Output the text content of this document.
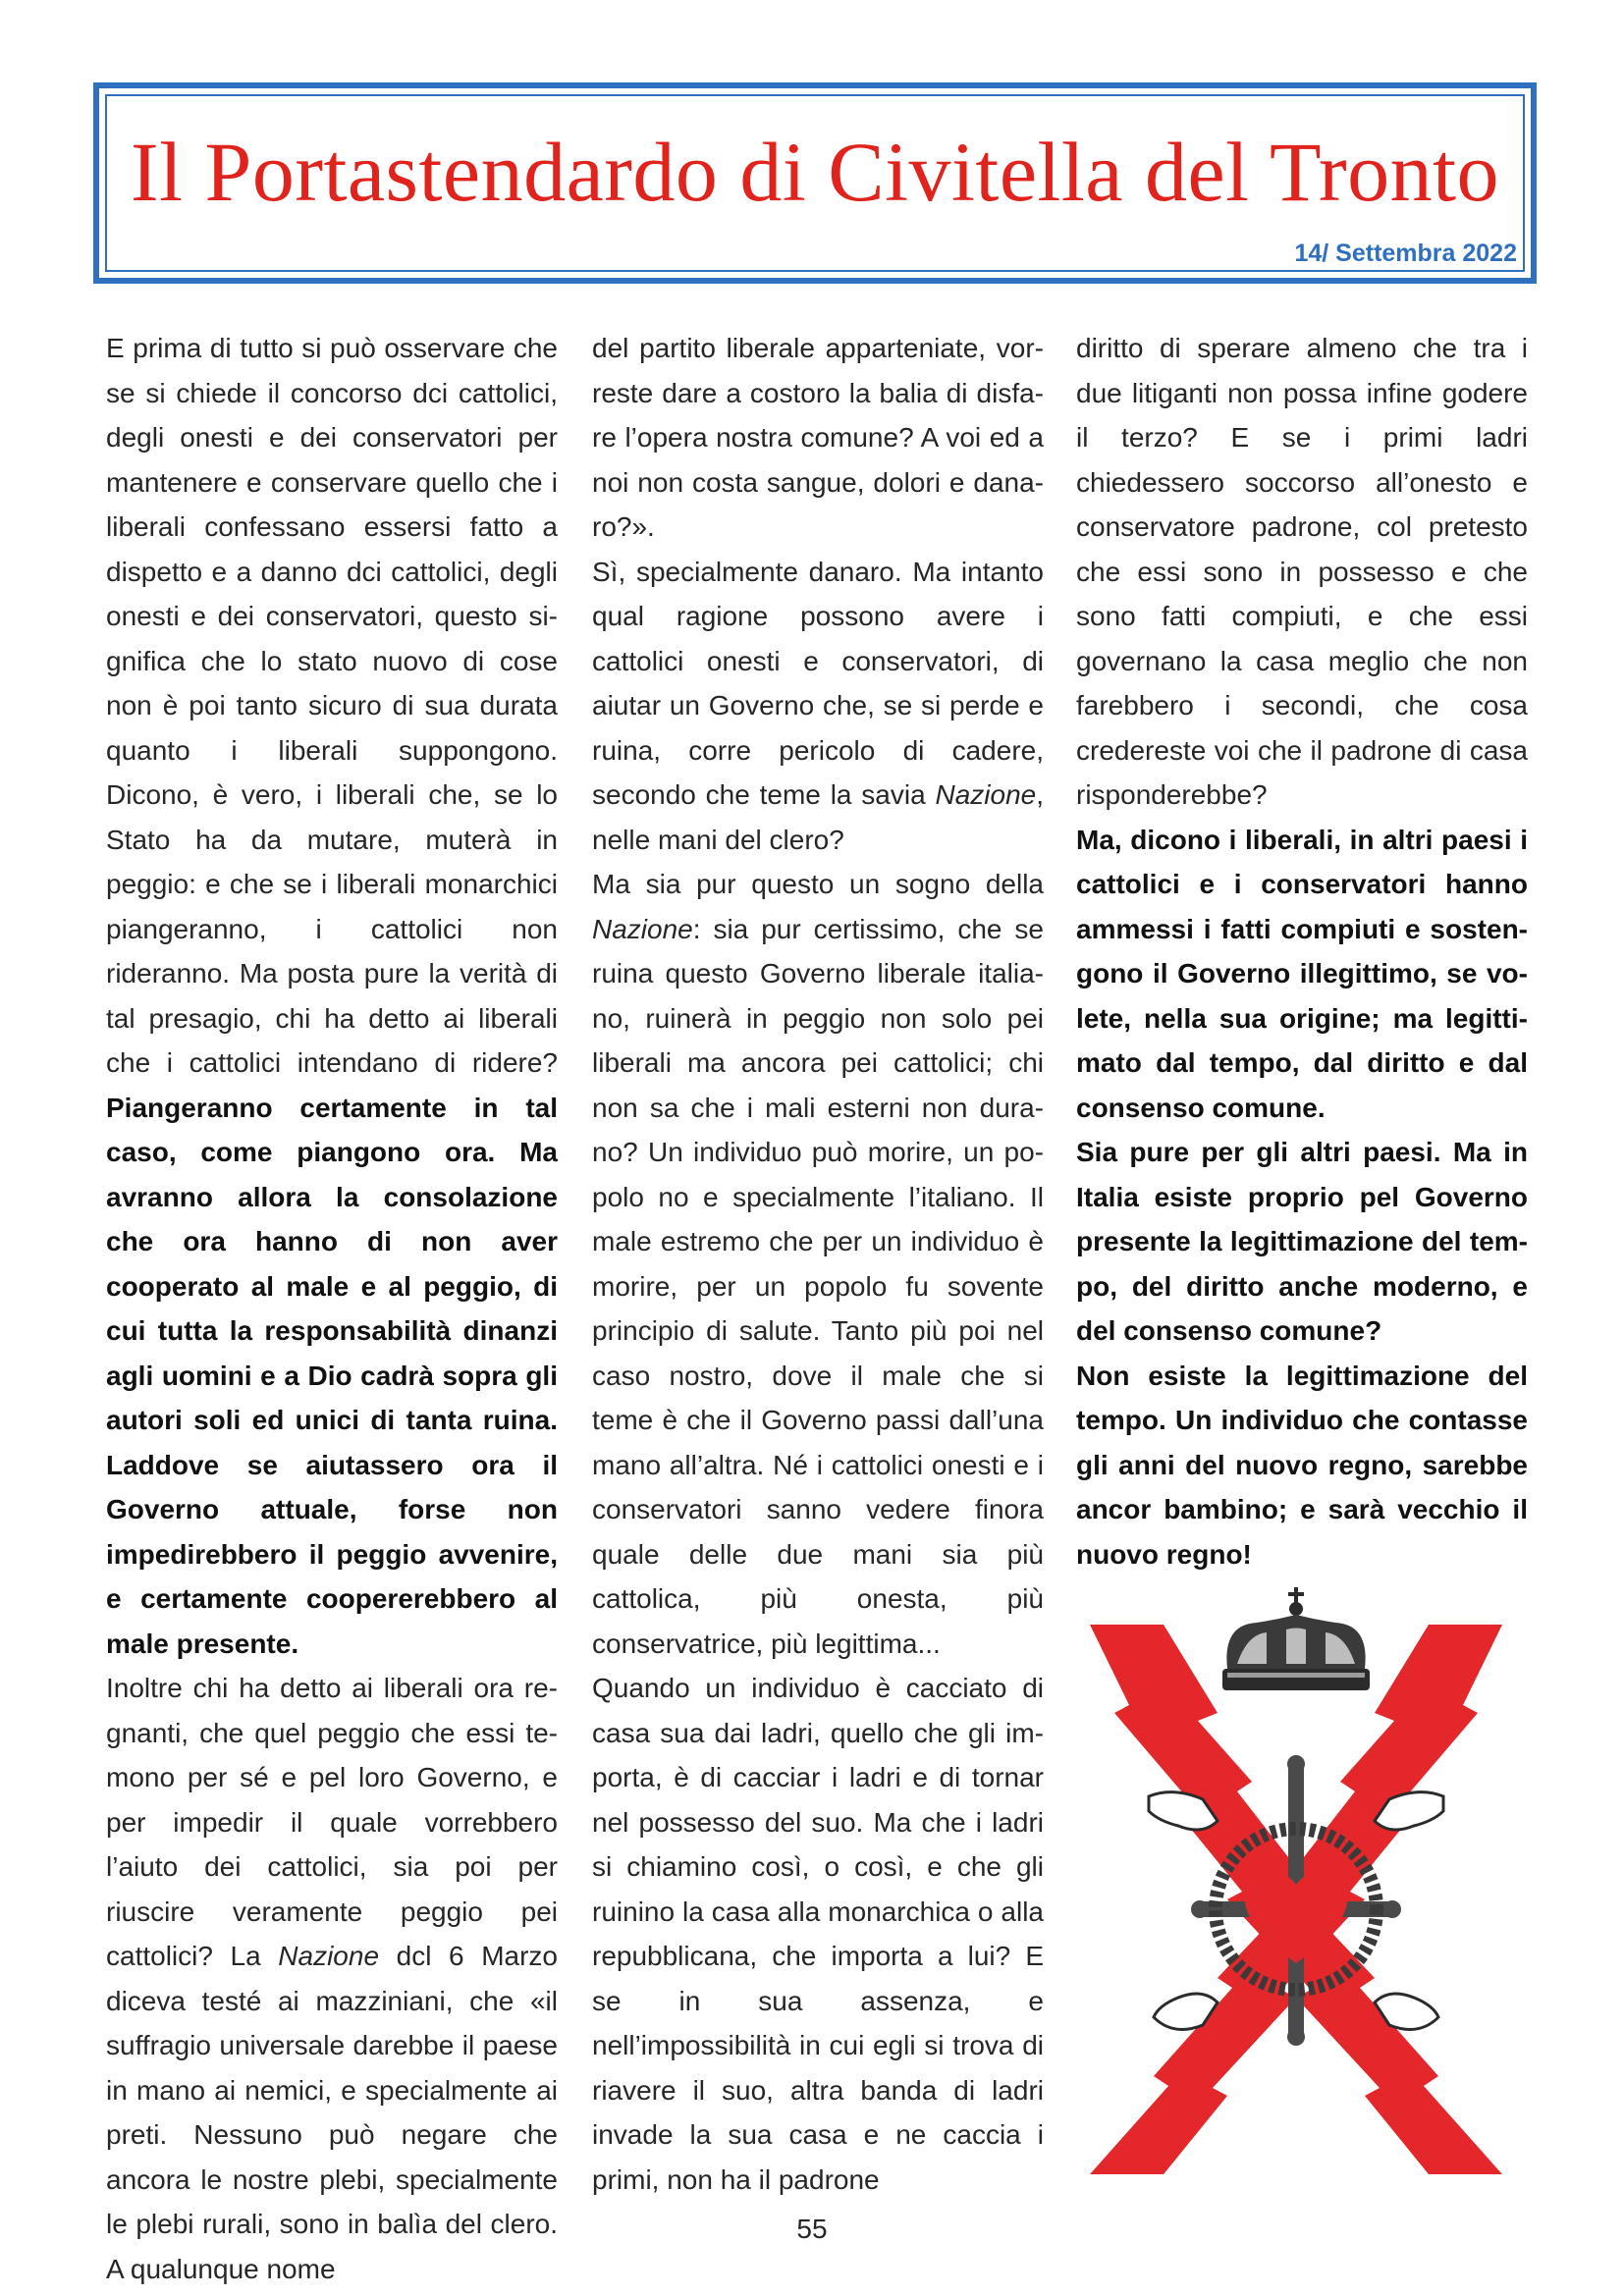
Il Portastendardo di Civitella del Tronto
14/ Settembra 2022

E prima di tutto si può osservare che se si chiede il concorso dci cattolici, degli onesti e dei conservatori per mantenere e conservare quello che i liberali confessano essersi fatto a dispetto e a danno dci cattolici, degli onesti e dei conservatori, questo significa che lo stato nuovo di cose non è poi tanto sicuro di sua durata quanto i liberali suppongono. Dicono, è vero, i liberali che, se lo Stato ha da mutare, muterà in peggio: e che se i liberali monarchici piangeranno, i cattolici non rideranno. Ma posta pure la verità di tal presagio, chi ha detto ai liberali che i cattolici intendano di ridere? Piangeranno certamente in tal caso, come piangono ora. Ma avranno allora la consolazione che ora hanno di non aver cooperato al male e al peggio, di cui tutta la responsabilità dinanzi agli uomini e a Dio cadrà sopra gli autori soli ed unici di tanta ruina. Laddove se aiutassero ora il Governo attuale, forse non impedirebbero il peggio avvenire, e certamente coopererebbero al male presente.

Inoltre chi ha detto ai liberali ora regnanti, che quel peggio che essi temono per sé e pel loro Governo, e per impedir il quale vorrebbero l’aiuto dei cattolici, sia poi per riuscire veramente peggio pei cattolici? La Nazione dcl 6 Marzo diceva testé ai mazziniani, che «il suffragio universale darebbe il paese in mano ai nemici, e specialmente ai preti. Nessuno può negare che ancora le nostre plebi, specialmente le plebi rurali, sono in balìa del clero. A qualunque nome

del partito liberale apparteniate, vorreste dare a costoro la balia di disfare l’opera nostra comune? A voi ed a noi non costa sangue, dolori e danaro?».

Sì, specialmente danaro. Ma intanto qual ragione possono avere i cattolici onesti e conservatori, di aiutar un Governo che, se si perde e ruina, corre pericolo di cadere, secondo che teme la savia Nazione, nelle mani del clero?

Ma sia pur questo un sogno della Nazione: sia pur certissimo, che se ruina questo Governo liberale italiano, ruinerà in peggio non solo pei liberali ma ancora pei cattolici; chi non sa che i mali esterni non durano? Un individuo può morire, un popolo no e specialmente l’italiano. Il male estremo che per un individuo è morire, per un popolo fu sovente principio di salute. Tanto più poi nel caso nostro, dove il male che si teme è che il Governo passi dall’una mano all’altra. Né i cattolici onesti e i conservatori sanno vedere finora quale delle due mani sia più cattolica, più onesta, più conservatrice, più legittima...

Quando un individuo è cacciato di casa sua dai ladri, quello che gli importa, è di cacciar i ladri e di tornar nel possesso del suo. Ma che i ladri si chiamino così, o così, e che gli ruinino la casa alla monarchica o alla repubblicana, che importa a lui? E se in sua assenza, e nell’impossibilità in cui egli si trova di riavere il suo, altra banda di ladri invade la sua casa e ne caccia i primi, non ha il padrone

diritto di sperare almeno che tra i due litiganti non possa infine godere il terzo? E se i primi ladri chiedessero soccorso all’onesto e conservatore padrone, col pretesto che essi sono in possesso e che sono fatti compiuti, e che essi governano la casa meglio che non farebbero i secondi, che cosa credereste voi che il padrone di casa risponderebbe?

Ma, dicono i liberali, in altri paesi i cattolici e i conservatori hanno ammessi i fatti compiuti e sostengono il Governo illegittimo, se volete, nella sua origine; ma legittimato dal tempo, dal diritto e dal consenso comune.

Sia pure per gli altri paesi. Ma in Italia esiste proprio pel Governo presente la legittimazione del tempo, del diritto anche moderno, e del consenso comune?

Non esiste la legittimazione del tempo. Un individuo che contasse gli anni del nuovo regno, sarebbe ancor bambino; e sarà vecchio il nuovo regno!

55
